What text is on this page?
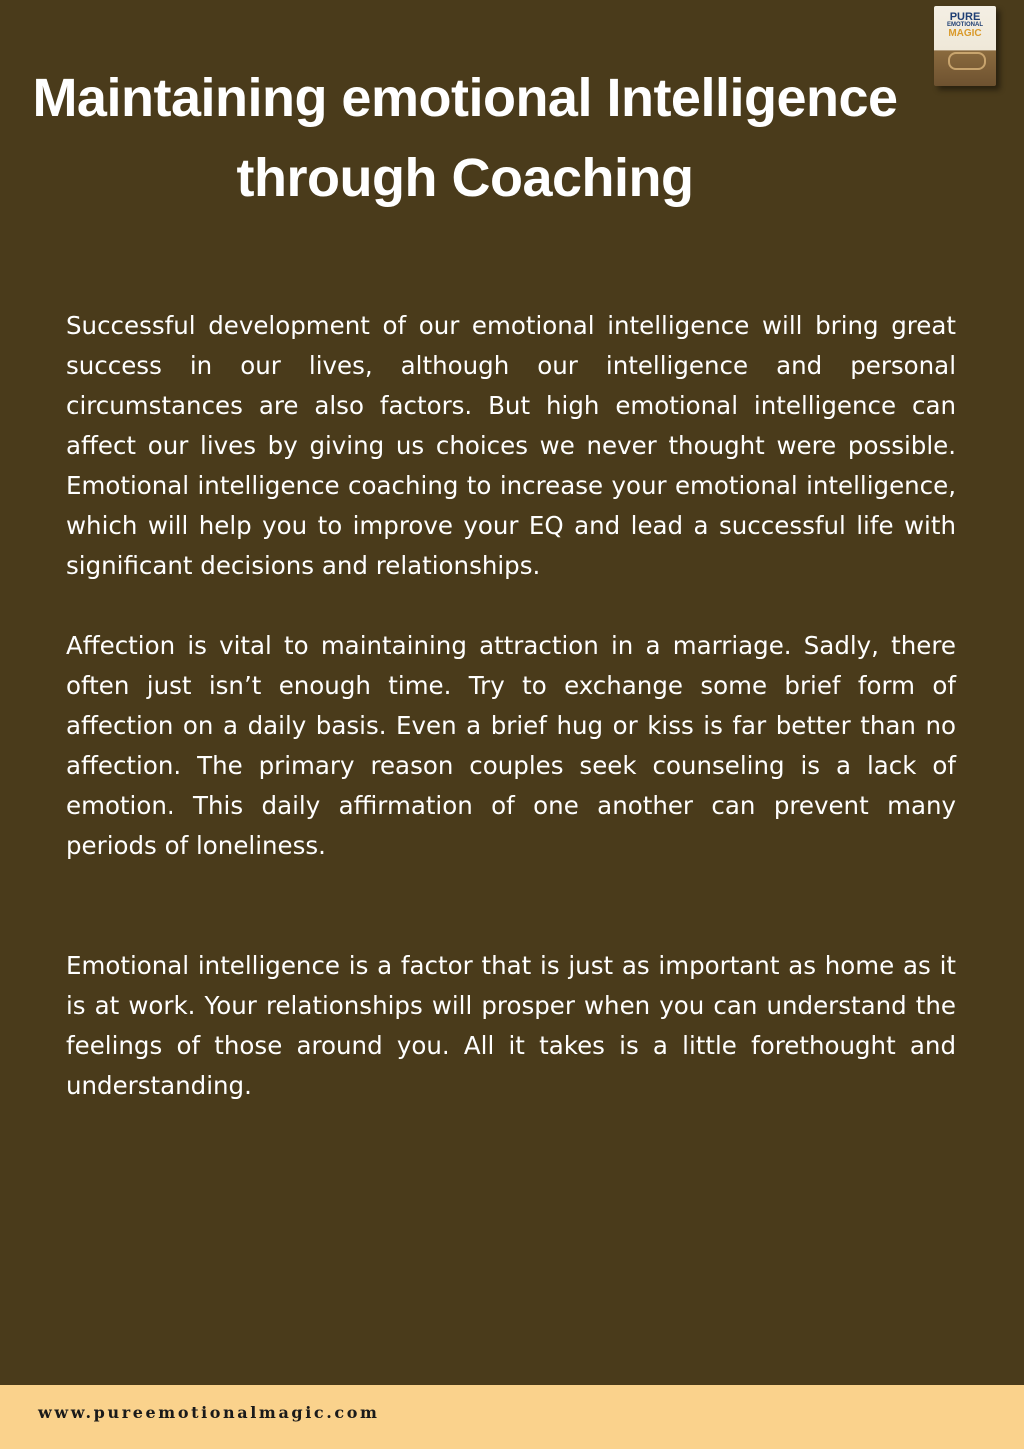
Maintaining emotional Intelligence
through Coaching
PURE
EMOTIONAL
MAGIC

Successful development of our emotional intelligence will bring great success in our lives, although our intelligence and personal circumstances are also factors. But high emotional intelligence can affect our lives by giving us choices we never thought were possible. Emotional intelligence coaching to increase your emotional intelligence, which will help you to improve your EQ and lead a successful life with significant decisions and relationships.

Affection is vital to maintaining attraction in a marriage. Sadly, there often just isn’t enough time. Try to exchange some brief form of affection on a daily basis. Even a brief hug or kiss is far better than no affection. The primary reason couples seek counseling is a lack of emotion. This daily affirmation of one another can prevent many periods of loneliness.

Emotional intelligence is a factor that is just as important as home as it is at work. Your relationships will prosper when you can understand the feelings of those around you. All it takes is a little forethought and understanding.

www.pureemotionalmagic.com
